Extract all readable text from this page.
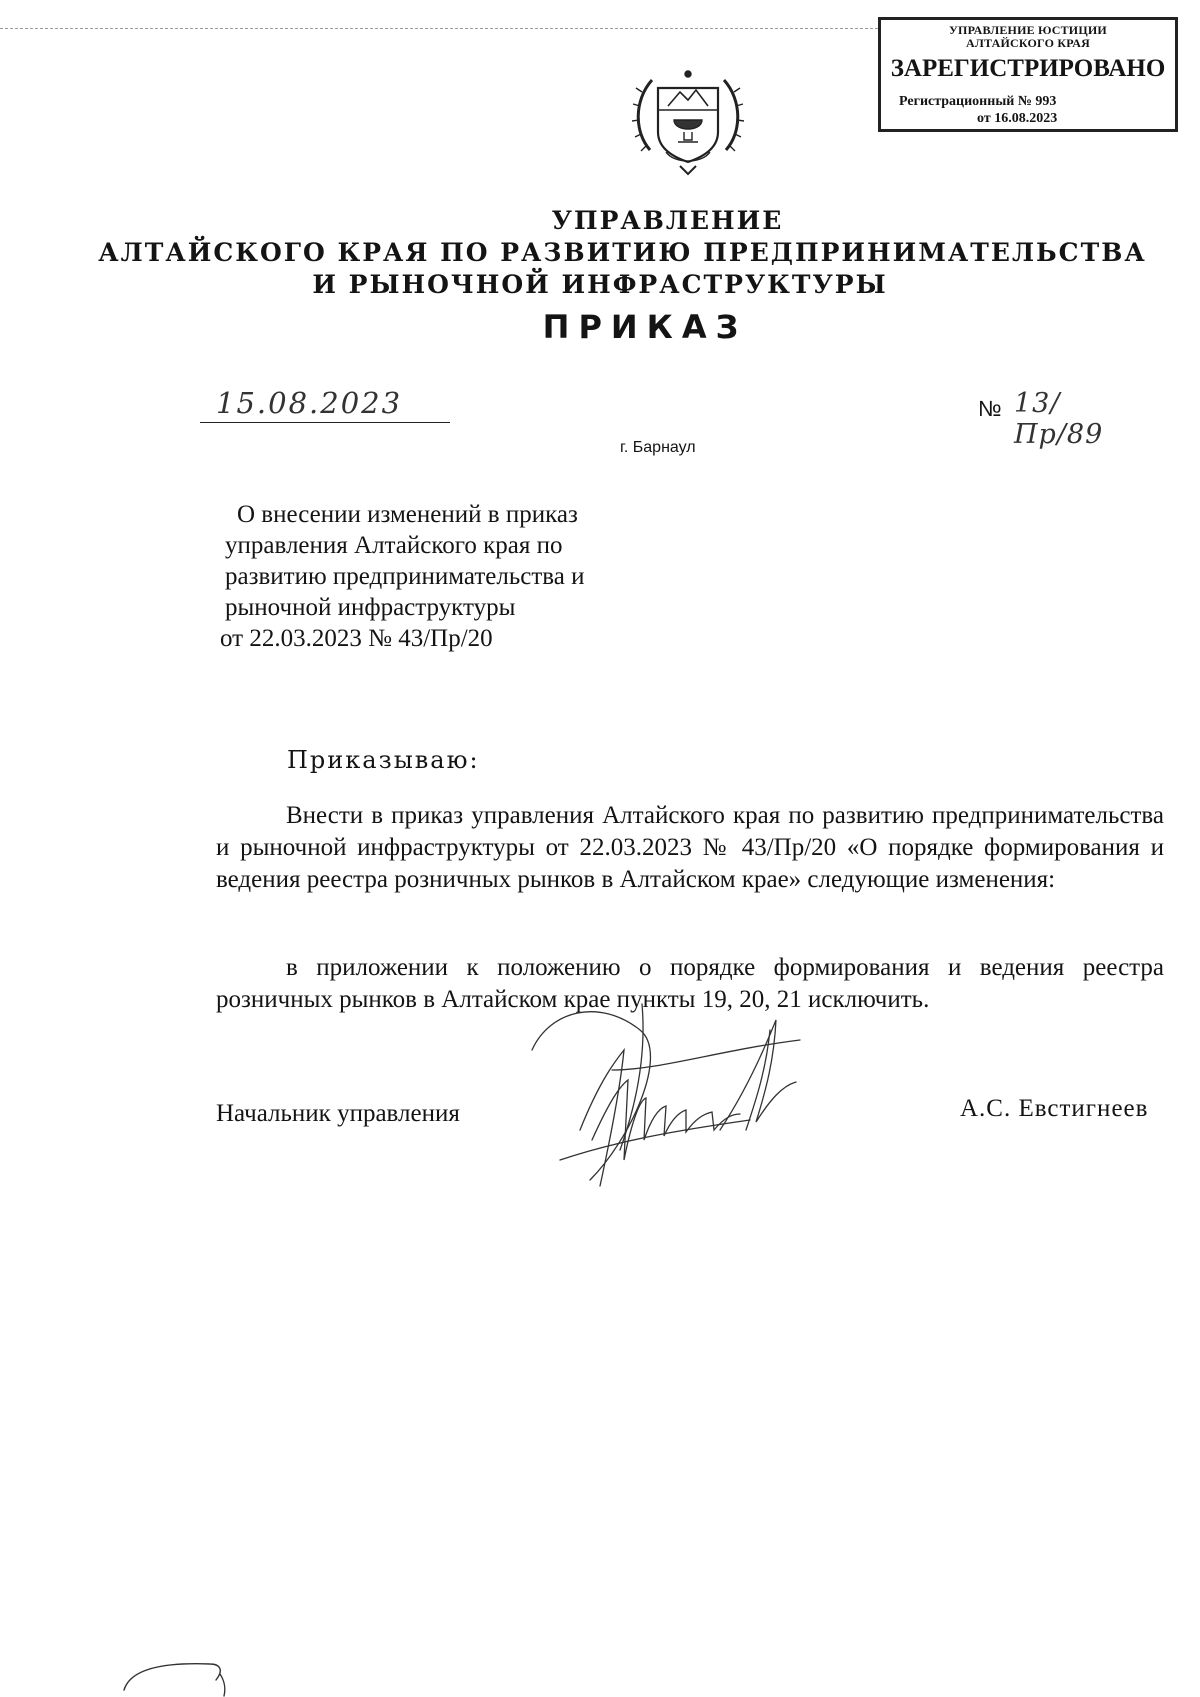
УПРАВЛЕНИЕ ЮСТИЦИИ
АЛТАЙСКОГО КРАЯ
ЗАРЕГИСТРИРОВАНО
Регистрационный № 993
от 16.08.2023
УПРАВЛЕНИЕ
АЛТАЙСКОГО КРАЯ ПО РАЗВИТИЮ ПРЕДПРИНИМАТЕЛЬСТВА
И РЫНОЧНОЙ ИНФРАСТРУКТУРЫ
ПРИКАЗ
15.08.2023	№ 13/Пр/89
г. Барнаул
О внесении изменений в приказ
управления Алтайского края по
развитию предпринимательства и
рыночной инфраструктуры
от 22.03.2023 № 43/Пр/20
Приказываю:

Внести в приказ управления Алтайского края по развитию предпринимательства и рыночной инфраструктуры от 22.03.2023 № 43/Пр/20 «О порядке формирования и ведения реестра розничных рынков в Алтайском крае» следующие изменения:

в приложении к положению о порядке формирования и ведения реестра розничных рынков в Алтайском крае пункты 19, 20, 21 исключить.

Начальник управления	А.С. Евстигнеев
